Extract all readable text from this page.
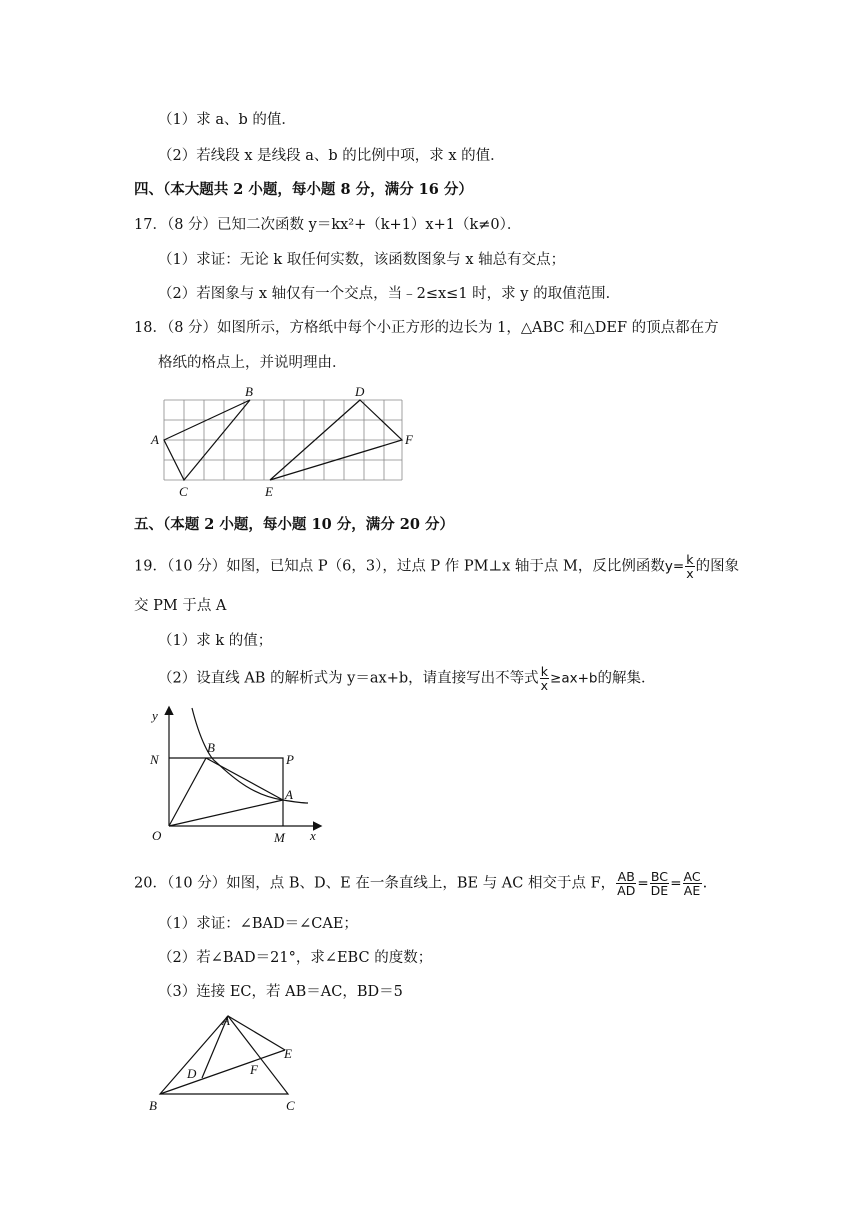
（1）求 a、b 的值．
（2）若线段 x 是线段 a、b 的比例中项，求 x 的值．
四、（本大题共 2 小题，每小题 8 分，满分 16 分）
17．（8 分）已知二次函数 y＝kx²+（k+1）x+1（k≠0）．
（1）求证：无论 k 取任何实数，该函数图象与 x 轴总有交点；
（2）若图象与 x 轴仅有一个交点，当﹣2≤x≤1 时，求 y 的取值范围．
18．（8 分）如图所示，方格纸中每个小正方形的边长为 1，△ABC 和△DEF 的顶点都在方
格纸的格点上，并说明理由．
A
B
C
D
E
F
五、（本题 2 小题，每小题 10 分，满分 20 分）
19．（10 分）如图，已知点 P（6，3），过点 P 作 PM⊥x 轴于点 M，反比例函数$y= \frac{k}{x}$ 的图象
交 PM 于点 A
（1）求 k 的值；
（2）设直线 AB 的解析式为 y＝ax+b，请直接写出不等式 $\frac{k}{x} \ge ax+b$的解集．
y
x
N
B
P
A
O	M
20．（10 分）如图，点 B、D、E 在一条直线上，BE 与 AC 相交于点 F， $\frac{AB}{AD} = \frac{BC}{DE} = \frac{AC}{AE}$ .
（1）求证：∠BAD＝∠CAE；
（2）若∠BAD＝21°，求∠EBC 的度数；
（3）连接 EC，若 AB＝AC，BD＝5
A
B	C
D
E
F
